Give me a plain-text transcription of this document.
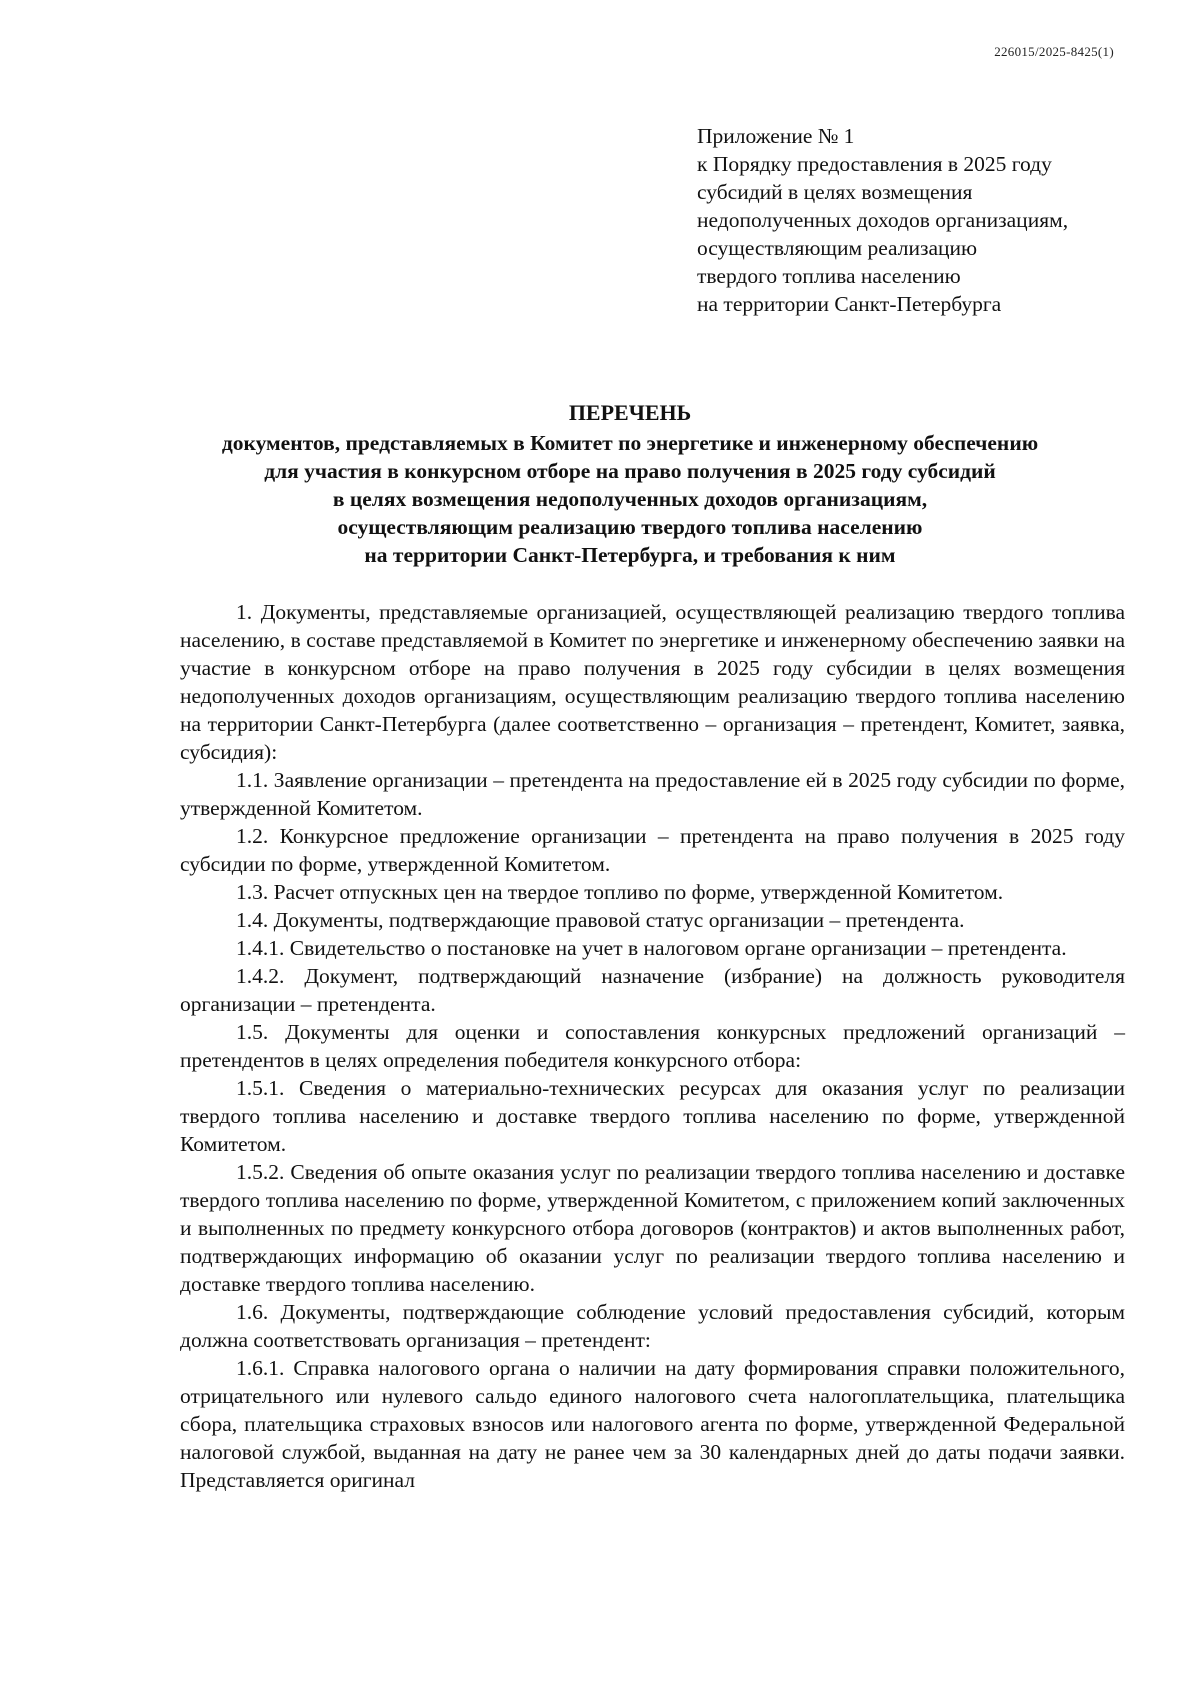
226015/2025-8425(1)
Приложение № 1
к Порядку предоставления в 2025 году
субсидий в целях возмещения
недополученных доходов организациям,
осуществляющим реализацию
твердого топлива населению
на территории Санкт-Петербурга
ПЕРЕЧЕНЬ
документов, представляемых в Комитет по энергетике и инженерному обеспечению
для участия в конкурсном отборе на право получения в 2025 году субсидий
в целях возмещения недополученных доходов организациям,
осуществляющим реализацию твердого топлива населению
на территории Санкт-Петербурга, и требования к ним

1. Документы, представляемые организацией, осуществляющей реализацию твердого топлива населению, в составе представляемой в Комитет по энергетике и инженерному обеспечению заявки на участие в конкурсном отборе на право получения в 2025 году субсидии в целях возмещения недополученных доходов организациям, осуществляющим реализацию твердого топлива населению на территории Санкт-Петербурга (далее соответственно – организация – претендент, Комитет, заявка, субсидия):

1.1. Заявление организации – претендента на предоставление ей в 2025 году субсидии по форме, утвержденной Комитетом.

1.2. Конкурсное предложение организации – претендента на право получения в 2025 году субсидии по форме, утвержденной Комитетом.

1.3. Расчет отпускных цен на твердое топливо по форме, утвержденной Комитетом.

1.4. Документы, подтверждающие правовой статус организации – претендента.

1.4.1. Свидетельство о постановке на учет в налоговом органе организации – претендента.

1.4.2. Документ, подтверждающий назначение (избрание) на должность руководителя организации – претендента.

1.5. Документы для оценки и сопоставления конкурсных предложений организаций – претендентов в целях определения победителя конкурсного отбора:

1.5.1. Сведения о материально-технических ресурсах для оказания услуг по реализации твердого топлива населению и доставке твердого топлива населению по форме, утвержденной Комитетом.

1.5.2. Сведения об опыте оказания услуг по реализации твердого топлива населению и доставке твердого топлива населению по форме, утвержденной Комитетом, с приложением копий заключенных и выполненных по предмету конкурсного отбора договоров (контрактов) и актов выполненных работ, подтверждающих информацию об оказании услуг по реализации твердого топлива населению и доставке твердого топлива населению.

1.6. Документы, подтверждающие соблюдение условий предоставления субсидий, которым должна соответствовать организация – претендент:

1.6.1. Справка налогового органа о наличии на дату формирования справки положительного, отрицательного или нулевого сальдо единого налогового счета налогоплательщика, плательщика сбора, плательщика страховых взносов или налогового агента по форме, утвержденной Федеральной налоговой службой, выданная на дату не ранее чем за 30 календарных дней до даты подачи заявки. Представляется оригинал
